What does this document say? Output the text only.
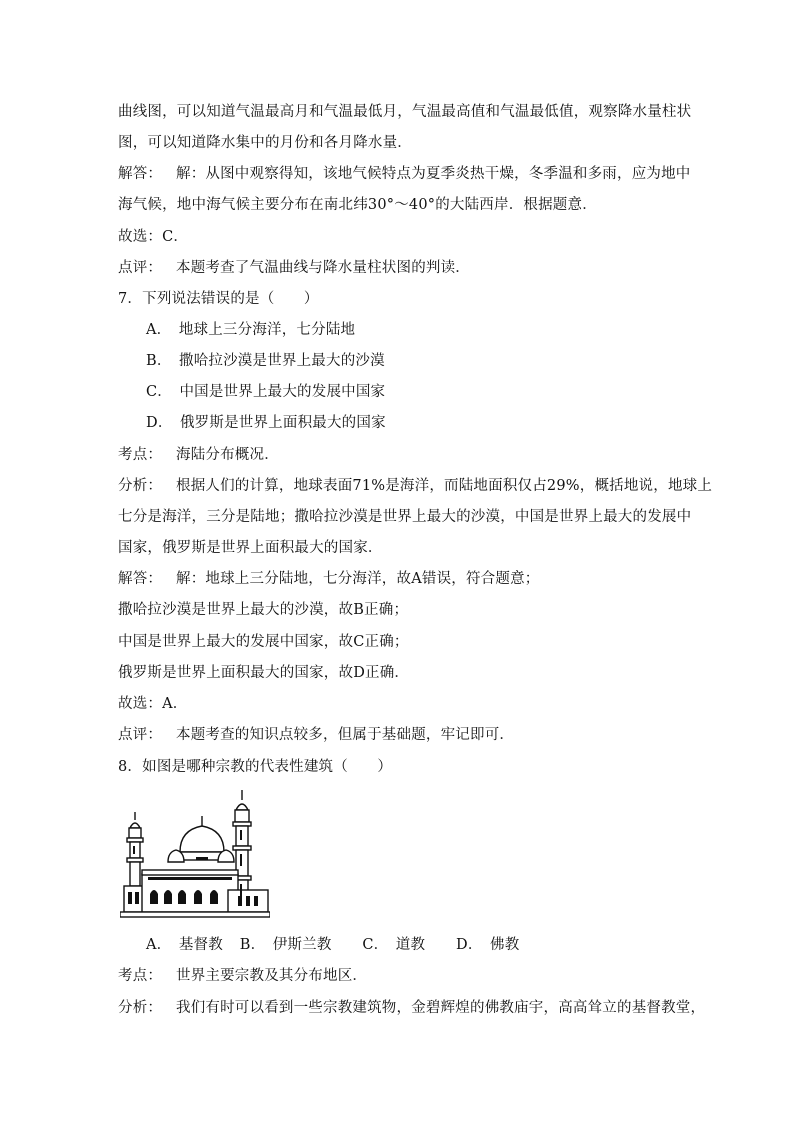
曲线图，可以知道气温最高月和气温最低月，气温最高值和气温最低值，观察降水量柱状
图，可以知道降水集中的月份和各月降水量．
解答： 解：从图中观察得知，该地气候特点为夏季炎热干燥，冬季温和多雨，应为地中
海气候，地中海气候主要分布在南北纬30°～40°的大陆西岸．根据题意．
故选：C．
点评： 本题考查了气温曲线与降水量柱状图的判读．
7．下列说法错误的是（　　）
A．　地球上三分海洋，七分陆地
B．　撒哈拉沙漠是世界上最大的沙漠
C．　中国是世界上最大的发展中国家
D．　俄罗斯是世界上面积最大的国家
考点： 海陆分布概况．
分析： 根据人们的计算，地球表面71%是海洋，而陆地面积仅占29%，概括地说，地球上
七分是海洋，三分是陆地；撒哈拉沙漠是世界上最大的沙漠，中国是世界上最大的发展中
国家，俄罗斯是世界上面积最大的国家．
解答： 解：地球上三分陆地，七分海洋，故A错误，符合题意；
撒哈拉沙漠是世界上最大的沙漠，故B正确；
中国是世界上最大的发展中国家，故C正确；
俄罗斯是世界上面积最大的国家，故D正确．
故选：A．
点评： 本题考查的知识点较多，但属于基础题，牢记即可．
8．如图是哪种宗教的代表性建筑（　　）
A．　基督教 B．　伊斯兰教 C．　道教 D．　佛教
考点： 世界主要宗教及其分布地区．
分析： 我们有时可以看到一些宗教建筑物，金碧辉煌的佛教庙宇，高高耸立的基督教堂，
